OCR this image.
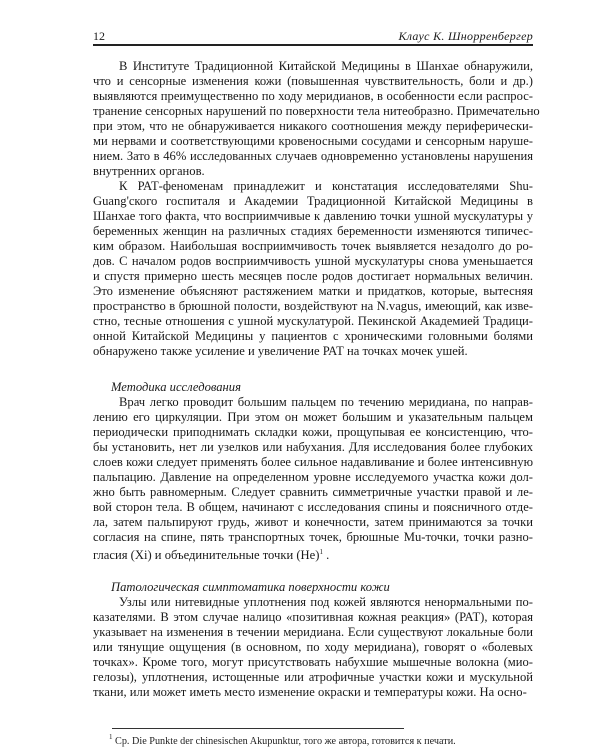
12	Клаус К. Шнорренбергер
В Институте Традиционной Китайской Медицины в Шанхае обнаружили,
что и сенсорные изменения кожи (повышенная чувствительность, боли и др.)
выявляются преимущественно по ходу меридианов, в особенности если распрос-
транение сенсорных нарушений по поверхности тела нитеобразно. Примечательно
при этом, что не обнаруживается никакого соотношения между периферически-
ми нервами и соответствующими кровеносными сосудами и сенсорным наруше-
нием. Зато в 46% исследованных случаев одновременно установлены нарушения
внутренних органов.
К РАТ-феноменам принадлежит и констатация исследователями Shu-
Guang'ского госпиталя и Академии Традиционной Китайской Медицины в
Шанхае того факта, что восприимчивые к давлению точки ушной мускулатуры у
беременных женщин на различных стадиях беременности изменяются типичес-
ким образом. Наибольшая восприимчивость точек выявляется незадолго до ро-
дов. С началом родов восприимчивость ушной мускулатуры снова уменьшается
и спустя примерно шесть месяцев после родов достигает нормальных величин.
Это изменение объясняют растяжением матки и придатков, которые, вытесняя
пространство в брюшной полости, воздействуют на N.vagus, имеющий, как изве-
стно, тесные отношения с ушной мускулатурой. Пекинской Академией Традици-
онной Китайской Медицины у пациентов с хроническими головными болями
обнаружено также усиление и увеличение РАТ на точках мочек ушей.
Методика исследования
Врач легко проводит большим пальцем по течению меридиана, по направ-
лению его циркуляции. При этом он может большим и указательным пальцем
периодически приподнимать складки кожи, прощупывая ее консистенцию, что-
бы установить, нет ли узелков или набухания. Для исследования более глубоких
слоев кожи следует применять более сильное надавливание и более интенсивную
пальпацию. Давление на определенном уровне исследуемого участка кожи дол-
жно быть равномерным. Следует сравнить симметричные участки правой и ле-
вой сторон тела. В общем, начинают с исследования спины и поясничного отде-
ла, затем пальпируют грудь, живот и конечности, затем принимаются за точки
согласия на спине, пять транспортных точек, брюшные Mu-точки, точки разно-
гласия (Xi) и объединительные точки $(He)^1$ .
Патологическая симптоматика поверхности кожи
Узлы или нитевидные уплотнения под кожей являются ненормальными по-
казателями. В этом случае налицо «позитивная кожная реакция» (РАТ), которая
указывает на изменения в течении меридиана. Если существуют локальные боли
или тянущие ощущения (в основном, по ходу меридиана), говорят о «болевых
точках». Кроме того, могут присутствовать набухшие мышечные волокна (мио-
гелозы), уплотнения, истощенные или атрофичные участки кожи и мускульной
ткани, или может иметь место изменение окраски и температуры кожи. На осно-
$^1$ Ср. Die Punkte der chinesischen Akupunktur, того же автора, готовится к печати.
